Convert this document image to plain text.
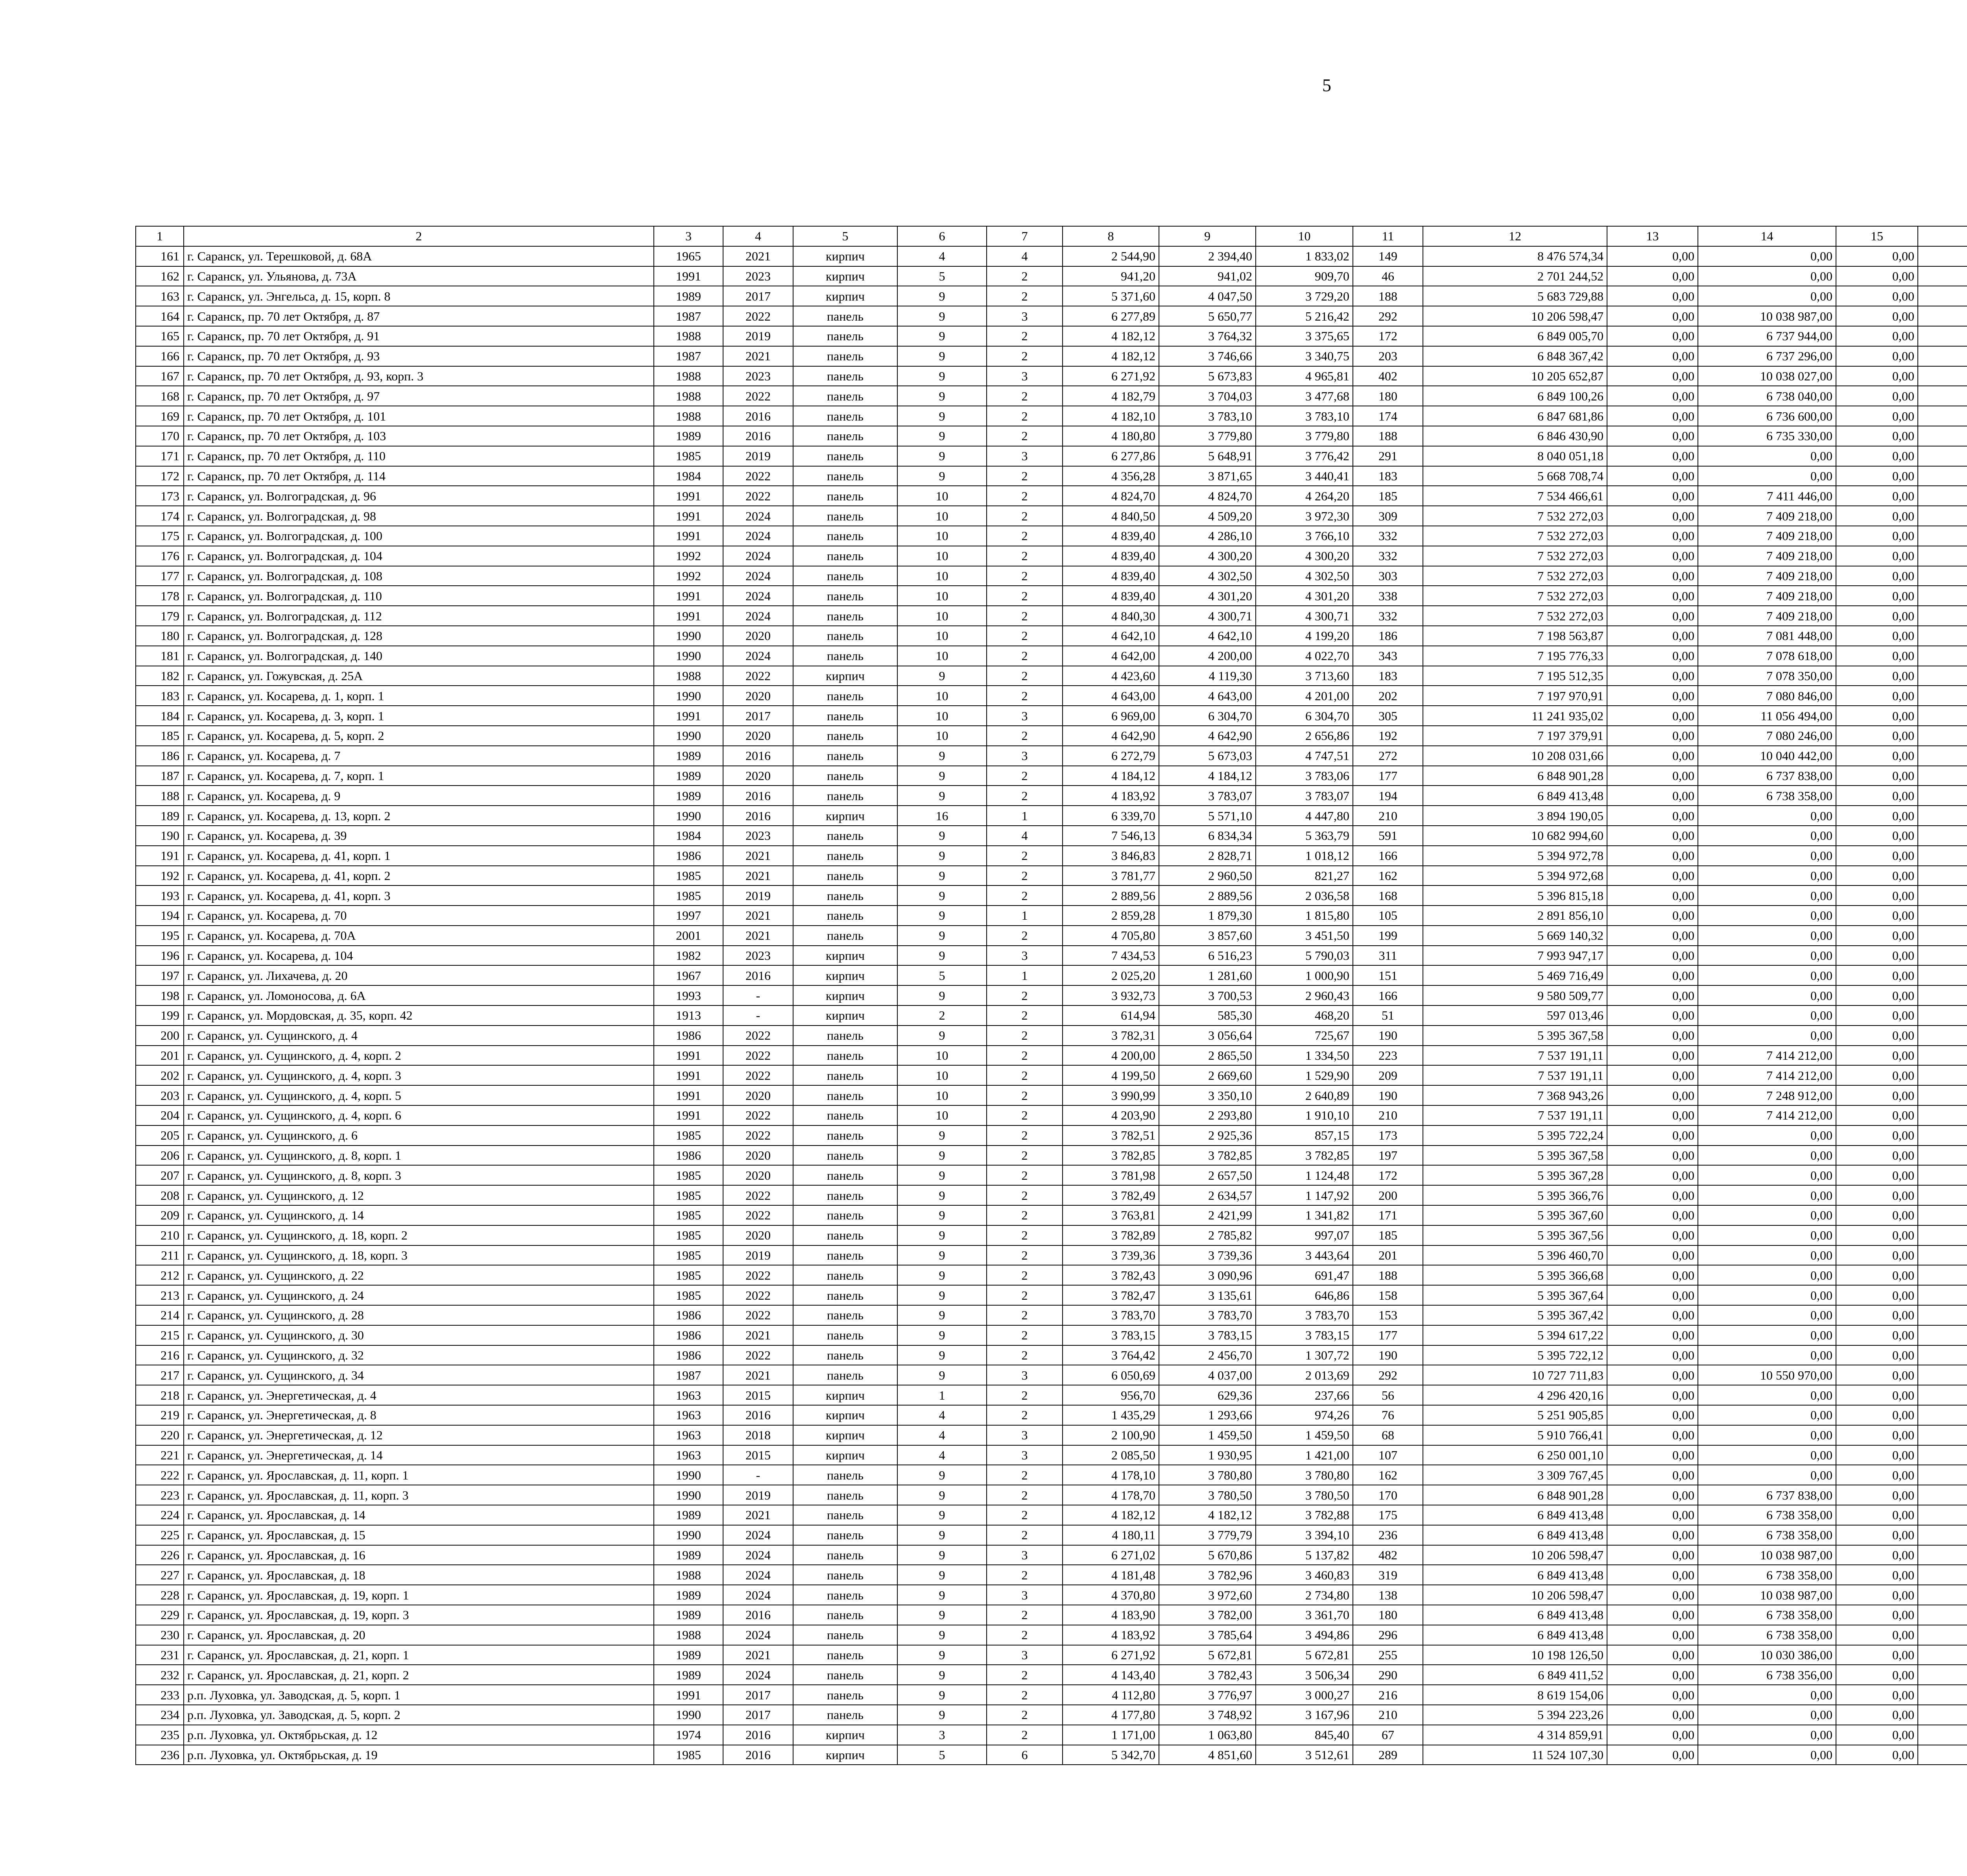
5
1	2	3	4	5	6	7	8	9	10	11	12	13	14	15				
161	г. Саранск, ул. Терешковой, д. 68А	1965	2021	кирпич	4	4	2 544,90	2 394,40	1 833,02	149	8 476 574,34	0,00	0,00	0,00				
162	г. Саранск, ул. Ульянова, д. 73А	1991	2023	кирпич	5	2	941,20	941,02	909,70	46	2 701 244,52	0,00	0,00	0,00				
163	г. Саранск, ул. Энгельса, д. 15, корп. 8	1989	2017	кирпич	9	2	5 371,60	4 047,50	3 729,20	188	5 683 729,88	0,00	0,00	0,00				
164	г. Саранск, пр. 70 лет Октября, д. 87	1987	2022	панель	9	3	6 277,89	5 650,77	5 216,42	292	10 206 598,47	0,00	10 038 987,00	0,00				
165	г. Саранск, пр. 70 лет Октября, д. 91	1988	2019	панель	9	2	4 182,12	3 764,32	3 375,65	172	6 849 005,70	0,00	6 737 944,00	0,00				
166	г. Саранск, пр. 70 лет Октября, д. 93	1987	2021	панель	9	2	4 182,12	3 746,66	3 340,75	203	6 848 367,42	0,00	6 737 296,00	0,00				
167	г. Саранск, пр. 70 лет Октября, д. 93, корп. 3	1988	2023	панель	9	3	6 271,92	5 673,83	4 965,81	402	10 205 652,87	0,00	10 038 027,00	0,00				
168	г. Саранск, пр. 70 лет Октября, д. 97	1988	2022	панель	9	2	4 182,79	3 704,03	3 477,68	180	6 849 100,26	0,00	6 738 040,00	0,00				
169	г. Саранск, пр. 70 лет Октября, д. 101	1988	2016	панель	9	2	4 182,10	3 783,10	3 783,10	174	6 847 681,86	0,00	6 736 600,00	0,00				
170	г. Саранск, пр. 70 лет Октября, д. 103	1989	2016	панель	9	2	4 180,80	3 779,80	3 779,80	188	6 846 430,90	0,00	6 735 330,00	0,00				
171	г. Саранск, пр. 70 лет Октября, д. 110	1985	2019	панель	9	3	6 277,86	5 648,91	3 776,42	291	8 040 051,18	0,00	0,00	0,00				
172	г. Саранск, пр. 70 лет Октября, д. 114	1984	2022	панель	9	2	4 356,28	3 871,65	3 440,41	183	5 668 708,74	0,00	0,00	0,00				
173	г. Саранск, ул. Волгоградская, д. 96	1991	2022	панель	10	2	4 824,70	4 824,70	4 264,20	185	7 534 466,61	0,00	7 411 446,00	0,00				
174	г. Саранск, ул. Волгоградская, д. 98	1991	2024	панель	10	2	4 840,50	4 509,20	3 972,30	309	7 532 272,03	0,00	7 409 218,00	0,00				
175	г. Саранск, ул. Волгоградская, д. 100	1991	2024	панель	10	2	4 839,40	4 286,10	3 766,10	332	7 532 272,03	0,00	7 409 218,00	0,00				
176	г. Саранск, ул. Волгоградская, д. 104	1992	2024	панель	10	2	4 839,40	4 300,20	4 300,20	332	7 532 272,03	0,00	7 409 218,00	0,00				
177	г. Саранск, ул. Волгоградская, д. 108	1992	2024	панель	10	2	4 839,40	4 302,50	4 302,50	303	7 532 272,03	0,00	7 409 218,00	0,00				
178	г. Саранск, ул. Волгоградская, д. 110	1991	2024	панель	10	2	4 839,40	4 301,20	4 301,20	338	7 532 272,03	0,00	7 409 218,00	0,00				
179	г. Саранск, ул. Волгоградская, д. 112	1991	2024	панель	10	2	4 840,30	4 300,71	4 300,71	332	7 532 272,03	0,00	7 409 218,00	0,00				
180	г. Саранск, ул. Волгоградская, д. 128	1990	2020	панель	10	2	4 642,10	4 642,10	4 199,20	186	7 198 563,87	0,00	7 081 448,00	0,00				
181	г. Саранск, ул. Волгоградская, д. 140	1990	2024	панель	10	2	4 642,00	4 200,00	4 022,70	343	7 195 776,33	0,00	7 078 618,00	0,00				
182	г. Саранск, ул. Гожувская, д. 25А	1988	2022	кирпич	9	2	4 423,60	4 119,30	3 713,60	183	7 195 512,35	0,00	7 078 350,00	0,00				
183	г. Саранск, ул. Косарева, д. 1, корп. 1	1990	2020	панель	10	2	4 643,00	4 643,00	4 201,00	202	7 197 970,91	0,00	7 080 846,00	0,00				
184	г. Саранск, ул. Косарева, д. 3, корп. 1	1991	2017	панель	10	3	6 969,00	6 304,70	6 304,70	305	11 241 935,02	0,00	11 056 494,00	0,00				
185	г. Саранск, ул. Косарева, д. 5, корп. 2	1990	2020	панель	10	2	4 642,90	4 642,90	2 656,86	192	7 197 379,91	0,00	7 080 246,00	0,00				
186	г. Саранск, ул. Косарева, д. 7	1989	2016	панель	9	3	6 272,79	5 673,03	4 747,51	272	10 208 031,66	0,00	10 040 442,00	0,00				
187	г. Саранск, ул. Косарева, д. 7, корп. 1	1989	2020	панель	9	2	4 184,12	4 184,12	3 783,06	177	6 848 901,28	0,00	6 737 838,00	0,00				
188	г. Саранск, ул. Косарева, д. 9	1989	2016	панель	9	2	4 183,92	3 783,07	3 783,07	194	6 849 413,48	0,00	6 738 358,00	0,00				
189	г. Саранск, ул. Косарева, д. 13, корп. 2	1990	2016	кирпич	16	1	6 339,70	5 571,10	4 447,80	210	3 894 190,05	0,00	0,00	0,00				
190	г. Саранск, ул. Косарева, д. 39	1984	2023	панель	9	4	7 546,13	6 834,34	5 363,79	591	10 682 994,60	0,00	0,00	0,00				
191	г. Саранск, ул. Косарева, д. 41, корп. 1	1986	2021	панель	9	2	3 846,83	2 828,71	1 018,12	166	5 394 972,78	0,00	0,00	0,00				
192	г. Саранск, ул. Косарева, д. 41, корп. 2	1985	2021	панель	9	2	3 781,77	2 960,50	821,27	162	5 394 972,68	0,00	0,00	0,00				
193	г. Саранск, ул. Косарева, д. 41, корп. 3	1985	2019	панель	9	2	2 889,56	2 889,56	2 036,58	168	5 396 815,18	0,00	0,00	0,00				
194	г. Саранск, ул. Косарева, д. 70	1997	2021	панель	9	1	2 859,28	1 879,30	1 815,80	105	2 891 856,10	0,00	0,00	0,00				
195	г. Саранск, ул. Косарева, д. 70А	2001	2021	панель	9	2	4 705,80	3 857,60	3 451,50	199	5 669 140,32	0,00	0,00	0,00				
196	г. Саранск, ул. Косарева, д. 104	1982	2023	кирпич	9	3	7 434,53	6 516,23	5 790,03	311	7 993 947,17	0,00	0,00	0,00				
197	г. Саранск, ул. Лихачева, д. 20	1967	2016	кирпич	5	1	2 025,20	1 281,60	1 000,90	151	5 469 716,49	0,00	0,00	0,00				
198	г. Саранск, ул. Ломоносова, д. 6А	1993	-	кирпич	9	2	3 932,73	3 700,53	2 960,43	166	9 580 509,77	0,00	0,00	0,00				
199	г. Саранск, ул. Мордовская, д. 35, корп. 42	1913	-	кирпич	2	2	614,94	585,30	468,20	51	597 013,46	0,00	0,00	0,00				
200	г. Саранск, ул. Сущинского, д. 4	1986	2022	панель	9	2	3 782,31	3 056,64	725,67	190	5 395 367,58	0,00	0,00	0,00				
201	г. Саранск, ул. Сущинского, д. 4, корп. 2	1991	2022	панель	10	2	4 200,00	2 865,50	1 334,50	223	7 537 191,11	0,00	7 414 212,00	0,00				
202	г. Саранск, ул. Сущинского, д. 4, корп. 3	1991	2022	панель	10	2	4 199,50	2 669,60	1 529,90	209	7 537 191,11	0,00	7 414 212,00	0,00				
203	г. Саранск, ул. Сущинского, д. 4, корп. 5	1991	2020	панель	10	2	3 990,99	3 350,10	2 640,89	190	7 368 943,26	0,00	7 248 912,00	0,00				
204	г. Саранск, ул. Сущинского, д. 4, корп. 6	1991	2022	панель	10	2	4 203,90	2 293,80	1 910,10	210	7 537 191,11	0,00	7 414 212,00	0,00				
205	г. Саранск, ул. Сущинского, д. 6	1985	2022	панель	9	2	3 782,51	2 925,36	857,15	173	5 395 722,24	0,00	0,00	0,00				
206	г. Саранск, ул. Сущинского, д. 8, корп. 1	1986	2020	панель	9	2	3 782,85	3 782,85	3 782,85	197	5 395 367,58	0,00	0,00	0,00				
207	г. Саранск, ул. Сущинского, д. 8, корп. 3	1985	2020	панель	9	2	3 781,98	2 657,50	1 124,48	172	5 395 367,28	0,00	0,00	0,00				
208	г. Саранск, ул. Сущинского, д. 12	1985	2022	панель	9	2	3 782,49	2 634,57	1 147,92	200	5 395 366,76	0,00	0,00	0,00				
209	г. Саранск, ул. Сущинского, д. 14	1985	2022	панель	9	2	3 763,81	2 421,99	1 341,82	171	5 395 367,60	0,00	0,00	0,00				
210	г. Саранск, ул. Сущинского, д. 18, корп. 2	1985	2020	панель	9	2	3 782,89	2 785,82	997,07	185	5 395 367,56	0,00	0,00	0,00				
211	г. Саранск, ул. Сущинского, д. 18, корп. 3	1985	2019	панель	9	2	3 739,36	3 739,36	3 443,64	201	5 396 460,70	0,00	0,00	0,00				
212	г. Саранск, ул. Сущинского, д. 22	1985	2022	панель	9	2	3 782,43	3 090,96	691,47	188	5 395 366,68	0,00	0,00	0,00				
213	г. Саранск, ул. Сущинского, д. 24	1985	2022	панель	9	2	3 782,47	3 135,61	646,86	158	5 395 367,64	0,00	0,00	0,00				
214	г. Саранск, ул. Сущинского, д. 28	1986	2022	панель	9	2	3 783,70	3 783,70	3 783,70	153	5 395 367,42	0,00	0,00	0,00				
215	г. Саранск, ул. Сущинского, д. 30	1986	2021	панель	9	2	3 783,15	3 783,15	3 783,15	177	5 394 617,22	0,00	0,00	0,00				
216	г. Саранск, ул. Сущинского, д. 32	1986	2022	панель	9	2	3 764,42	2 456,70	1 307,72	190	5 395 722,12	0,00	0,00	0,00				
217	г. Саранск, ул. Сущинского, д. 34	1987	2021	панель	9	3	6 050,69	4 037,00	2 013,69	292	10 727 711,83	0,00	10 550 970,00	0,00				
218	г. Саранск, ул. Энергетическая, д. 4	1963	2015	кирпич	1	2	956,70	629,36	237,66	56	4 296 420,16	0,00	0,00	0,00				
219	г. Саранск, ул. Энергетическая, д. 8	1963	2016	кирпич	4	2	1 435,29	1 293,66	974,26	76	5 251 905,85	0,00	0,00	0,00				
220	г. Саранск, ул. Энергетическая, д. 12	1963	2018	кирпич	4	3	2 100,90	1 459,50	1 459,50	68	5 910 766,41	0,00	0,00	0,00				
221	г. Саранск, ул. Энергетическая, д. 14	1963	2015	кирпич	4	3	2 085,50	1 930,95	1 421,00	107	6 250 001,10	0,00	0,00	0,00				
222	г. Саранск, ул. Ярославская, д. 11, корп. 1	1990	-	панель	9	2	4 178,10	3 780,80	3 780,80	162	3 309 767,45	0,00	0,00	0,00				
223	г. Саранск, ул. Ярославская, д. 11, корп. 3	1990	2019	панель	9	2	4 178,70	3 780,50	3 780,50	170	6 848 901,28	0,00	6 737 838,00	0,00				
224	г. Саранск, ул. Ярославская, д. 14	1989	2021	панель	9	2	4 182,12	4 182,12	3 782,88	175	6 849 413,48	0,00	6 738 358,00	0,00				
225	г. Саранск, ул. Ярославская, д. 15	1990	2024	панель	9	2	4 180,11	3 779,79	3 394,10	236	6 849 413,48	0,00	6 738 358,00	0,00				
226	г. Саранск, ул. Ярославская, д. 16	1989	2024	панель	9	3	6 271,02	5 670,86	5 137,82	482	10 206 598,47	0,00	10 038 987,00	0,00				
227	г. Саранск, ул. Ярославская, д. 18	1988	2024	панель	9	2	4 181,48	3 782,96	3 460,83	319	6 849 413,48	0,00	6 738 358,00	0,00				
228	г. Саранск, ул. Ярославская, д. 19, корп. 1	1989	2024	панель	9	3	4 370,80	3 972,60	2 734,80	138	10 206 598,47	0,00	10 038 987,00	0,00				
229	г. Саранск, ул. Ярославская, д. 19, корп. 3	1989	2016	панель	9	2	4 183,90	3 782,00	3 361,70	180	6 849 413,48	0,00	6 738 358,00	0,00				
230	г. Саранск, ул. Ярославская, д. 20	1988	2024	панель	9	2	4 183,92	3 785,64	3 494,86	296	6 849 413,48	0,00	6 738 358,00	0,00				
231	г. Саранск, ул. Ярославская, д. 21, корп. 1	1989	2021	панель	9	3	6 271,92	5 672,81	5 672,81	255	10 198 126,50	0,00	10 030 386,00	0,00				
232	г. Саранск, ул. Ярославская, д. 21, корп. 2	1989	2024	панель	9	2	4 143,40	3 782,43	3 506,34	290	6 849 411,52	0,00	6 738 356,00	0,00				
233	р.п. Луховка, ул. Заводская, д. 5, корп. 1	1991	2017	панель	9	2	4 112,80	3 776,97	3 000,27	216	8 619 154,06	0,00	0,00	0,00				
234	р.п. Луховка, ул. Заводская, д. 5, корп. 2	1990	2017	панель	9	2	4 177,80	3 748,92	3 167,96	210	5 394 223,26	0,00	0,00	0,00				
235	р.п. Луховка, ул. Октябрьская, д. 12	1974	2016	кирпич	3	2	1 171,00	1 063,80	845,40	67	4 314 859,91	0,00	0,00	0,00				
236	р.п. Луховка, ул. Октябрьская, д. 19	1985	2016	кирпич	5	6	5 342,70	4 851,60	3 512,61	289	11 524 107,30	0,00	0,00	0,00				
